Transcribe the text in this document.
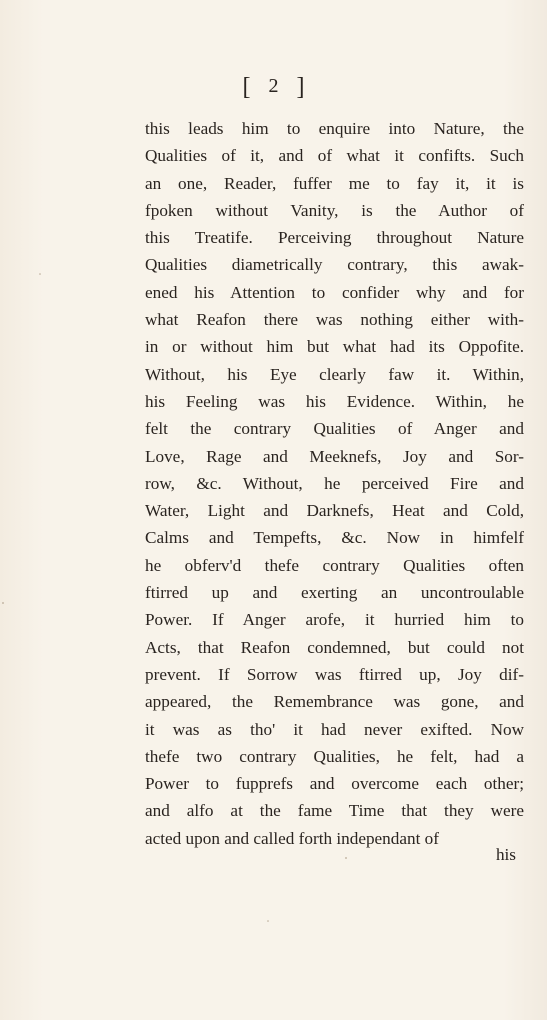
[ 2 ]
this leads him to enquire into Nature, the
Qualities of it, and of what it confifts. Such
an one, Reader, fuffer me to fay it, it is
fpoken without Vanity, is the Author of
this Treatife. Perceiving throughout Nature
Qualities diametrically contrary, this awak-
ened his Attention to confider why and for
what Reafon there was nothing either with-
in or without him but what had its Oppofite.
Without, his Eye clearly faw it. Within,
his Feeling was his Evidence. Within, he
felt the contrary Qualities of Anger and
Love, Rage and Meeknefs, Joy and Sor-
row, &c. Without, he perceived Fire and
Water, Light and Darknefs, Heat and Cold,
Calms and Tempefts, &c. Now in himfelf
he obferv'd thefe contrary Qualities often
ftirred up and exerting an uncontroulable
Power. If Anger arofe, it hurried him to
Acts, that Reafon condemned, but could not
prevent. If Sorrow was ftirred up, Joy dif-
appeared, the Remembrance was gone, and
it was as tho' it had never exifted. Now
thefe two contrary Qualities, he felt, had a
Power to fupprefs and overcome each other;
and alfo at the fame Time that they were
acted upon and called forth independant of
his
